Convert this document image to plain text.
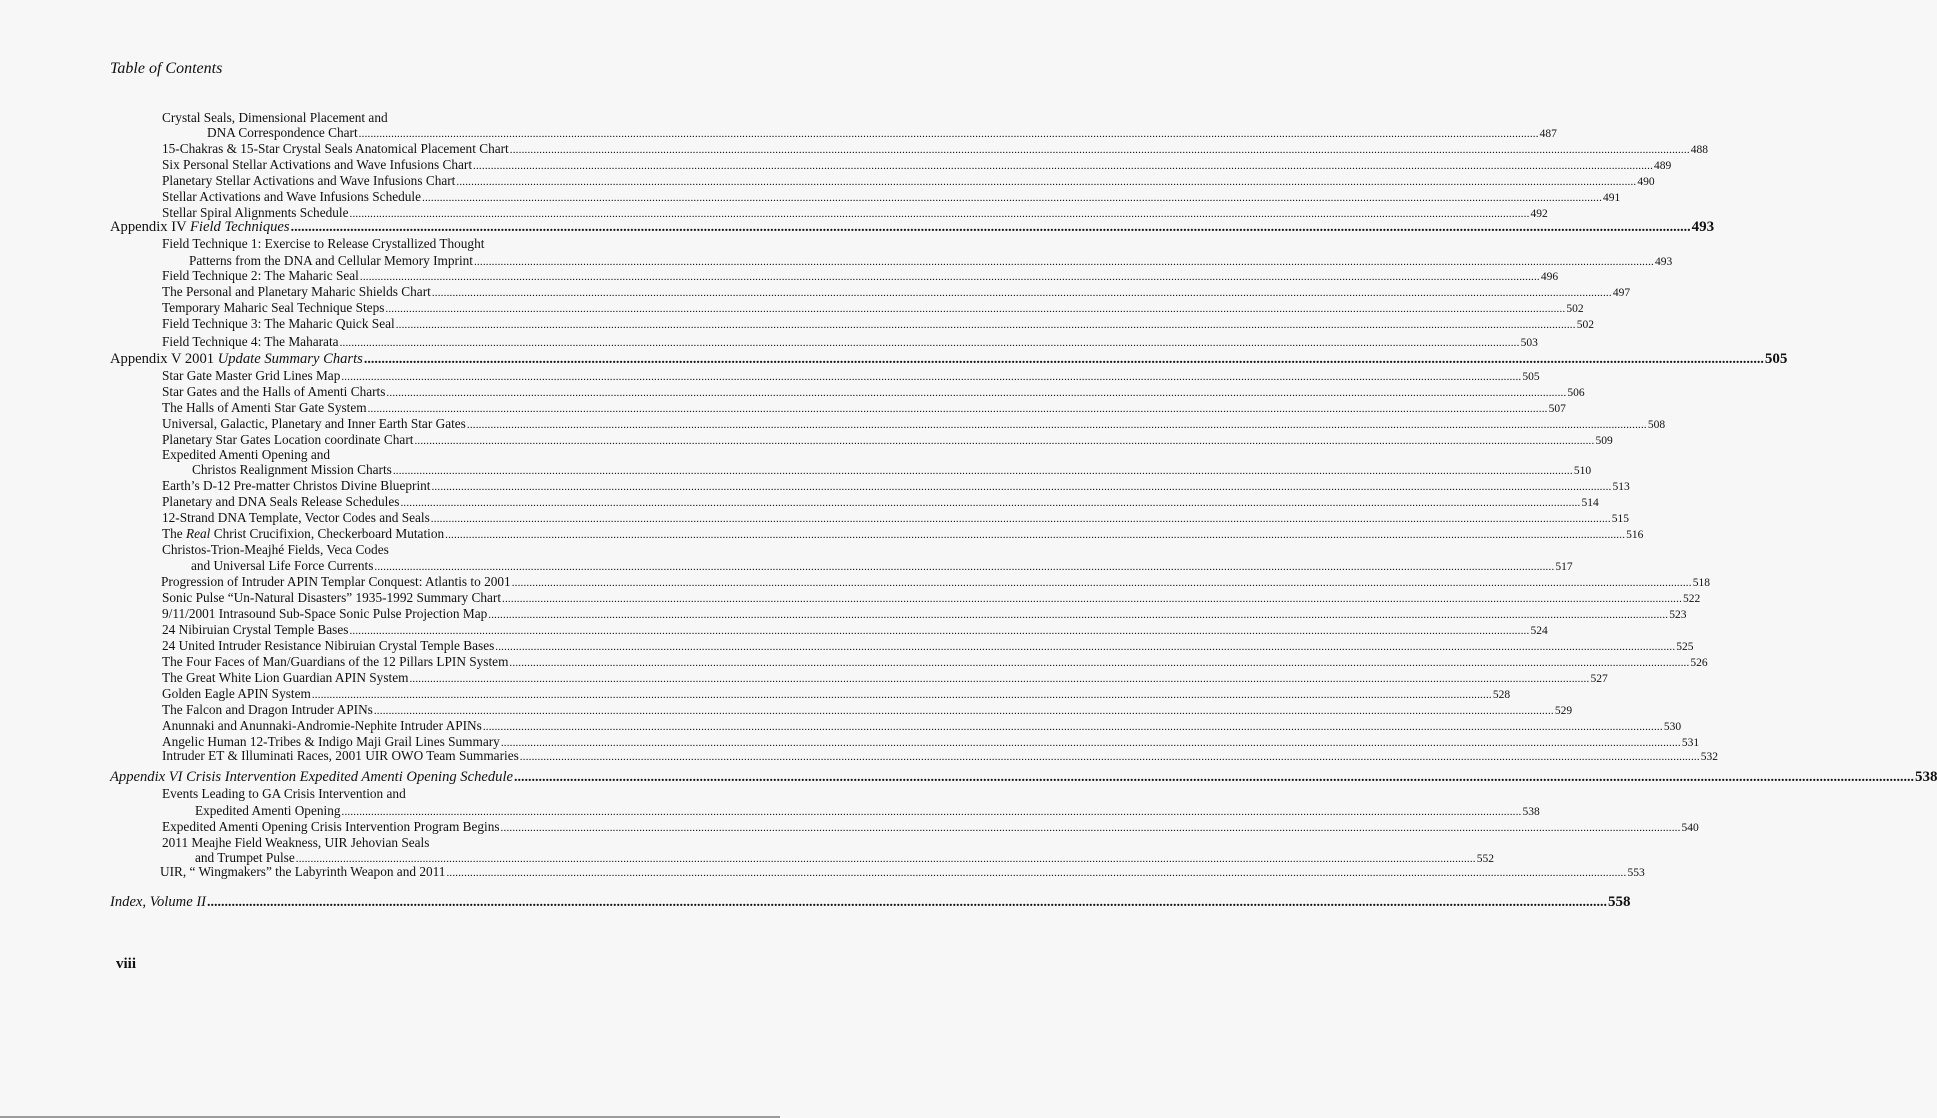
Table of Contents
Crystal Seals, Dimensional Placement and
DNA Correspondence Chart ................................................................................................................................................................................................................................................................................................................................................................................................................ 487
15-Chakras & 15-Star Crystal Seals Anatomical Placement Chart ................................................................................................................................................................................................................................................................................................................................................................................................................ 488
Six Personal Stellar Activations and Wave Infusions Chart ................................................................................................................................................................................................................................................................................................................................................................................................................ 489
Planetary Stellar Activations and Wave Infusions Chart ................................................................................................................................................................................................................................................................................................................................................................................................................ 490
Stellar Activations and Wave Infusions Schedule ................................................................................................................................................................................................................................................................................................................................................................................................................ 491
Stellar Spiral Alignments Schedule ................................................................................................................................................................................................................................................................................................................................................................................................................ 492
Appendix IV Field Techniques ................................................................................................................................................................................................................................................................................................................................................................................................................ 493
Field Technique 1: Exercise to Release Crystallized Thought
Patterns from the DNA and Cellular Memory Imprint ................................................................................................................................................................................................................................................................................................................................................................................................................ 493
Field Technique 2: The Maharic Seal ................................................................................................................................................................................................................................................................................................................................................................................................................ 496
The Personal and Planetary Maharic Shields Chart ................................................................................................................................................................................................................................................................................................................................................................................................................ 497
Temporary Maharic Seal Technique Steps ................................................................................................................................................................................................................................................................................................................................................................................................................ 502
Field Technique 3: The Maharic Quick Seal ................................................................................................................................................................................................................................................................................................................................................................................................................ 502
Field Technique 4: The Maharata ................................................................................................................................................................................................................................................................................................................................................................................................................ 503
Appendix V 2001 Update Summary Charts ................................................................................................................................................................................................................................................................................................................................................................................................................ 505
Star Gate Master Grid Lines Map ................................................................................................................................................................................................................................................................................................................................................................................................................ 505
Star Gates and the Halls of Amenti Charts ................................................................................................................................................................................................................................................................................................................................................................................................................ 506
The Halls of Amenti Star Gate System ................................................................................................................................................................................................................................................................................................................................................................................................................ 507
Universal, Galactic, Planetary and Inner Earth Star Gates ................................................................................................................................................................................................................................................................................................................................................................................................................ 508
Planetary Star Gates Location coordinate Chart ................................................................................................................................................................................................................................................................................................................................................................................................................ 509
Expedited Amenti Opening and
Christos Realignment Mission Charts ................................................................................................................................................................................................................................................................................................................................................................................................................ 510
Earth’s D-12 Pre-matter Christos Divine Blueprint ................................................................................................................................................................................................................................................................................................................................................................................................................ 513
Planetary and DNA Seals Release Schedules ................................................................................................................................................................................................................................................................................................................................................................................................................ 514
12-Strand DNA Template, Vector Codes and Seals ................................................................................................................................................................................................................................................................................................................................................................................................................ 515
The Real Christ Crucifixion, Checkerboard Mutation ................................................................................................................................................................................................................................................................................................................................................................................................................ 516
Christos-Trion-Meajhé Fields, Veca Codes
and Universal Life Force Currents ................................................................................................................................................................................................................................................................................................................................................................................................................ 517
Progression of Intruder APIN Templar Conquest: Atlantis to 2001 ................................................................................................................................................................................................................................................................................................................................................................................................................ 518
Sonic Pulse “Un-Natural Disasters” 1935-1992 Summary Chart ................................................................................................................................................................................................................................................................................................................................................................................................................ 522
9/11/2001 Intrasound Sub-Space Sonic Pulse Projection Map ................................................................................................................................................................................................................................................................................................................................................................................................................ 523
24 Nibiruian Crystal Temple Bases ................................................................................................................................................................................................................................................................................................................................................................................................................ 524
24 United Intruder Resistance Nibiruian Crystal Temple Bases ................................................................................................................................................................................................................................................................................................................................................................................................................ 525
The Four Faces of Man/Guardians of the 12 Pillars LPIN System ................................................................................................................................................................................................................................................................................................................................................................................................................ 526
The Great White Lion Guardian APIN System ................................................................................................................................................................................................................................................................................................................................................................................................................ 527
Golden Eagle APIN System ................................................................................................................................................................................................................................................................................................................................................................................................................ 528
The Falcon and Dragon Intruder APINs ................................................................................................................................................................................................................................................................................................................................................................................................................ 529
Anunnaki and Anunnaki-Andromie-Nephite Intruder APINs ................................................................................................................................................................................................................................................................................................................................................................................................................ 530
Angelic Human 12-Tribes & Indigo Maji Grail Lines Summary ................................................................................................................................................................................................................................................................................................................................................................................................................ 531
Intruder ET & Illuminati Races, 2001 UIR OWO Team Summaries ................................................................................................................................................................................................................................................................................................................................................................................................................ 532
Appendix VI Crisis Intervention Expedited Amenti Opening Schedule ................................................................................................................................................................................................................................................................................................................................................................................................................ 538
Events Leading to GA Crisis Intervention and
Expedited Amenti Opening ................................................................................................................................................................................................................................................................................................................................................................................................................ 538
Expedited Amenti Opening Crisis Intervention Program Begins ................................................................................................................................................................................................................................................................................................................................................................................................................ 540
2011 Meajhe Field Weakness, UIR Jehovian Seals
and Trumpet Pulse ................................................................................................................................................................................................................................................................................................................................................................................................................ 552
UIR, “ Wingmakers” the Labyrinth Weapon and 2011 ................................................................................................................................................................................................................................................................................................................................................................................................................ 553
Index, Volume II ................................................................................................................................................................................................................................................................................................................................................................................................................ 558
viii
